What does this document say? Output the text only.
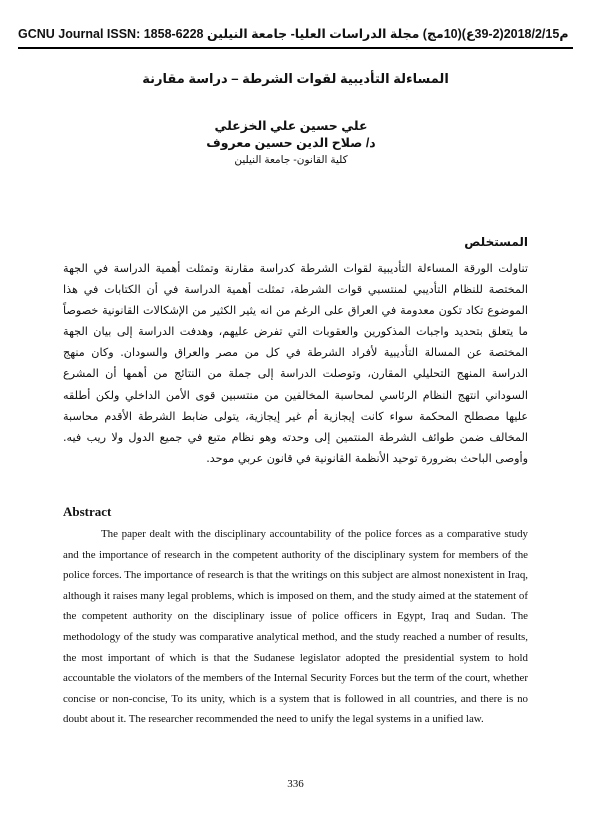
GCNU Journal ISSN: 1858-6228 م2018/2/15(2-39ع)(10مج) مجلة الدراسات العليا- جامعة النيلين
المساءلة التأديبية لقوات الشرطة – دراسة مقارنة
علي حسين علي الخزعلي
د/ صلاح الدين حسين معروف
كلية القانون- جامعة النيلين
المستخلص
تناولت الورقة المساءلة التأديبية لقوات الشرطة كدراسة مقارنة وتمثلت أهمية الدراسة في الجهة المختصة للنظام التأديبي لمنتسبي قوات الشرطة، تمثلت أهمية الدراسة في أن الكتابات في هذا الموضوع تكاد تكون معدومة في العراق على الرغم من انه يثير الكثير من الإشكالات القانونية خصوصاً ما يتعلق بتحديد واجبات المذكورين والعقوبات التي تفرض عليهم، وهدفت الدراسة إلى بيان الجهة المختصة عن المسالة التأديبية لأفراد الشرطة في كل من مصر والعراق والسودان. وكان منهج الدراسة المنهج التحليلي المقارن، وتوصلت الدراسة إلى جملة من النتائج من أهمها أن المشرع السوداني انتهج النظام الرئاسي لمحاسبة المخالفين من منتسبين قوى الأمن الداخلي ولكن أطلقه عليها مصطلح المحكمة سواء كانت إيجازية أم غير إيجازية، يتولى ضابط الشرطة الأقدم محاسبة المخالف ضمن طوائف الشرطة المنتمين إلى وحدته وهو نظام متبع في جميع الدول ولا ريب فيه. وأوصى الباحث بضرورة توحيد الأنظمة القانونية في قانون عربي موحد.
Abstract
The paper dealt with the disciplinary accountability of the police forces as a comparative study and the importance of research in the competent authority of the disciplinary system for members of the police forces. The importance of research is that the writings on this subject are almost nonexistent in Iraq, although it raises many legal problems, which is imposed on them, and the study aimed at the statement of the competent authority on the disciplinary issue of police officers in Egypt, Iraq and Sudan. The methodology of the study was comparative analytical method, and the study reached a number of results, the most important of which is that the Sudanese legislator adopted the presidential system to hold accountable the violators of the members of the Internal Security Forces but the term of the court, whether concise or non-concise, To its unity, which is a system that is followed in all countries, and there is no doubt about it. The researcher recommended the need to unify the legal systems in a unified law.
336
